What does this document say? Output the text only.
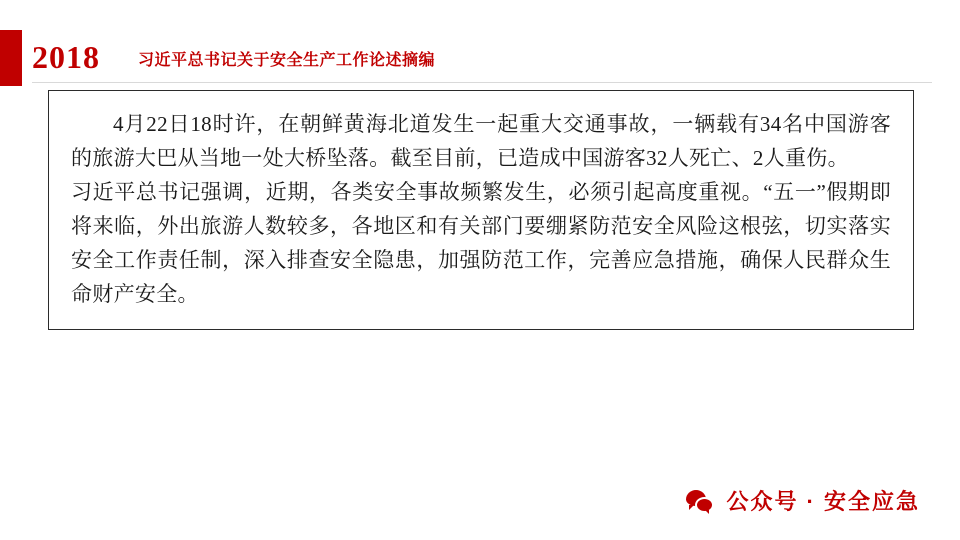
2018 习近平总书记关于安全生产工作论述摘编

4月22日18时许，在朝鲜黄海北道发生一起重大交通事故，一辆载有34名中国游客的旅游大巴从当地一处大桥坠落。截至目前，已造成中国游客32人死亡、2人重伤。

习近平总书记强调，近期，各类安全事故频繁发生，必须引起高度重视。“五一”假期即将来临，外出旅游人数较多，各地区和有关部门要绷紧防范安全风险这根弦，切实落实安全工作责任制，深入排查安全隐患，加强防范工作，完善应急措施，确保人民群众生命财产安全。

公众号 · 安全应急
